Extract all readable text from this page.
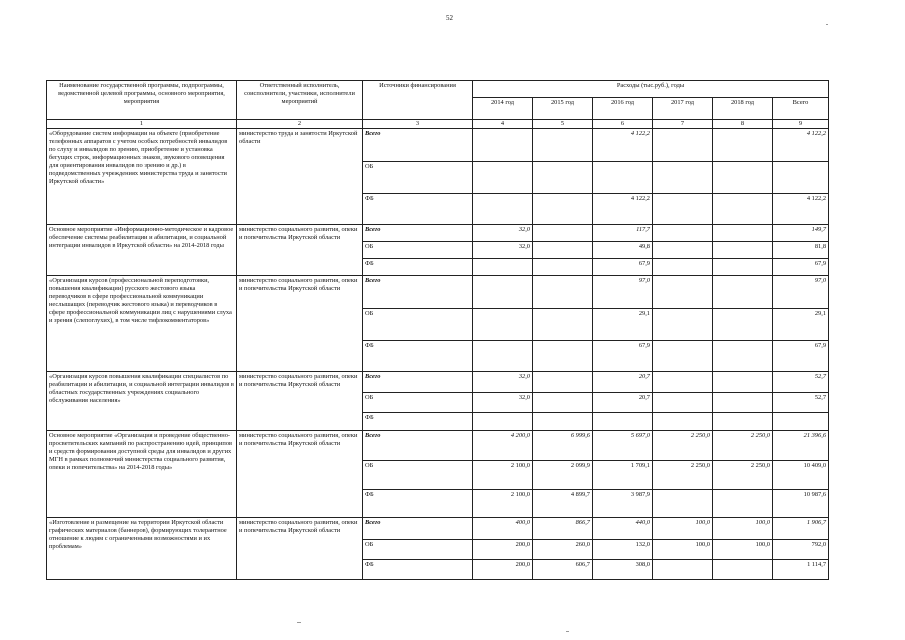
52
Наименование государственной программы, подпрограммы, ведомственной целевой программы, основного мероприятия, мероприятия	Ответственный исполнитель, соисполнители, участники, исполнители мероприятий	Источники финансирования	Расходы (тыс.руб.), годы					
			2014 год	2015 год	2016 год	2017 год	2018 год	Всего
1	2	3	4	5	6	7	8	9
«Оборудование систем информации на объекте (приобретение телефонных аппаратов с учетом особых потребностей инвалидов по слуху и инвалидов по зрению, приобретение и установка бегущих строк, информационных знаков, звукового оповещения для ориентирования инвалидов по зрению и др.) в подведомственных учреждениях министерства труда и занятости Иркутской области»	министерство труда и занятости Иркутской области	Всего			4 122,2			4 122,2
		ОБ						
		ФБ			4 122,2			4 122,2
Основное мероприятие «Информационно-методическое и кадровое обеспечение системы реабилитации и абилитации, и социальной интеграции инвалидов в Иркутской области» на 2014-2018 годы	министерство социального развития, опеки и попечительства Иркутской области	Всего	32,0		117,7			149,7
		ОБ	32,0		49,8			81,8
		ФБ			67,9			67,9
«Организация курсов (профессиональной переподготовки, повышения квалификации) русского жестового языка переводчиков в сфере профессиональной коммуникации неслышащих (переводчик жестового языка) и переводчиков в сфере профессиональной коммуникации лиц с нарушениями слуха и зрения (слепоглухих), в том числе тифлокомментаторов»	министерство социального развития, опеки и попечительства Иркутской области	Всего			97,0			97,0
		ОБ			29,1			29,1
		ФБ			67,9			67,9
«Организация курсов повышения квалификации специалистов по реабилитации и абилитации, и социальной интеграции инвалидов в областных государственных учреждениях социального обслуживания населения»	министерство социального развития, опеки и попечительства Иркутской области	Всего	32,0		20,7			52,7
		ОБ	32,0		20,7			52,7
		ФБ						
Основное мероприятие «Организация и проведение общественно-просветительских кампаний по распространению идей, принципов и средств формирования доступной среды для инвалидов и других МГН в рамках полномочий министерства социального развития, опеки и попечительства» на 2014-2018 годы»	министерство социального развития, опеки и попечительства Иркутской области	Всего	4 200,0	6 999,6	5 697,0	2 250,0	2 250,0	21 396,6
		ОБ	2 100,0	2 099,9	1 709,1	2 250,0	2 250,0	10 409,0
		ФБ	2 100,0	4 899,7	3 987,9			10 987,6
«Изготовление и размещение на территории Иркутской области графических материалов (баннеров), формирующих толерантное отношение к людям с ограниченными возможностями и их проблемам»	министерство социального развития, опеки и попечительства Иркутской области	Всего	400,0	866,7	440,0	100,0	100,0	1 906,7
		ОБ	200,0	260,0	132,0	100,0	100,0	792,0
		ФБ	200,0	606,7	308,0			1 114,7
